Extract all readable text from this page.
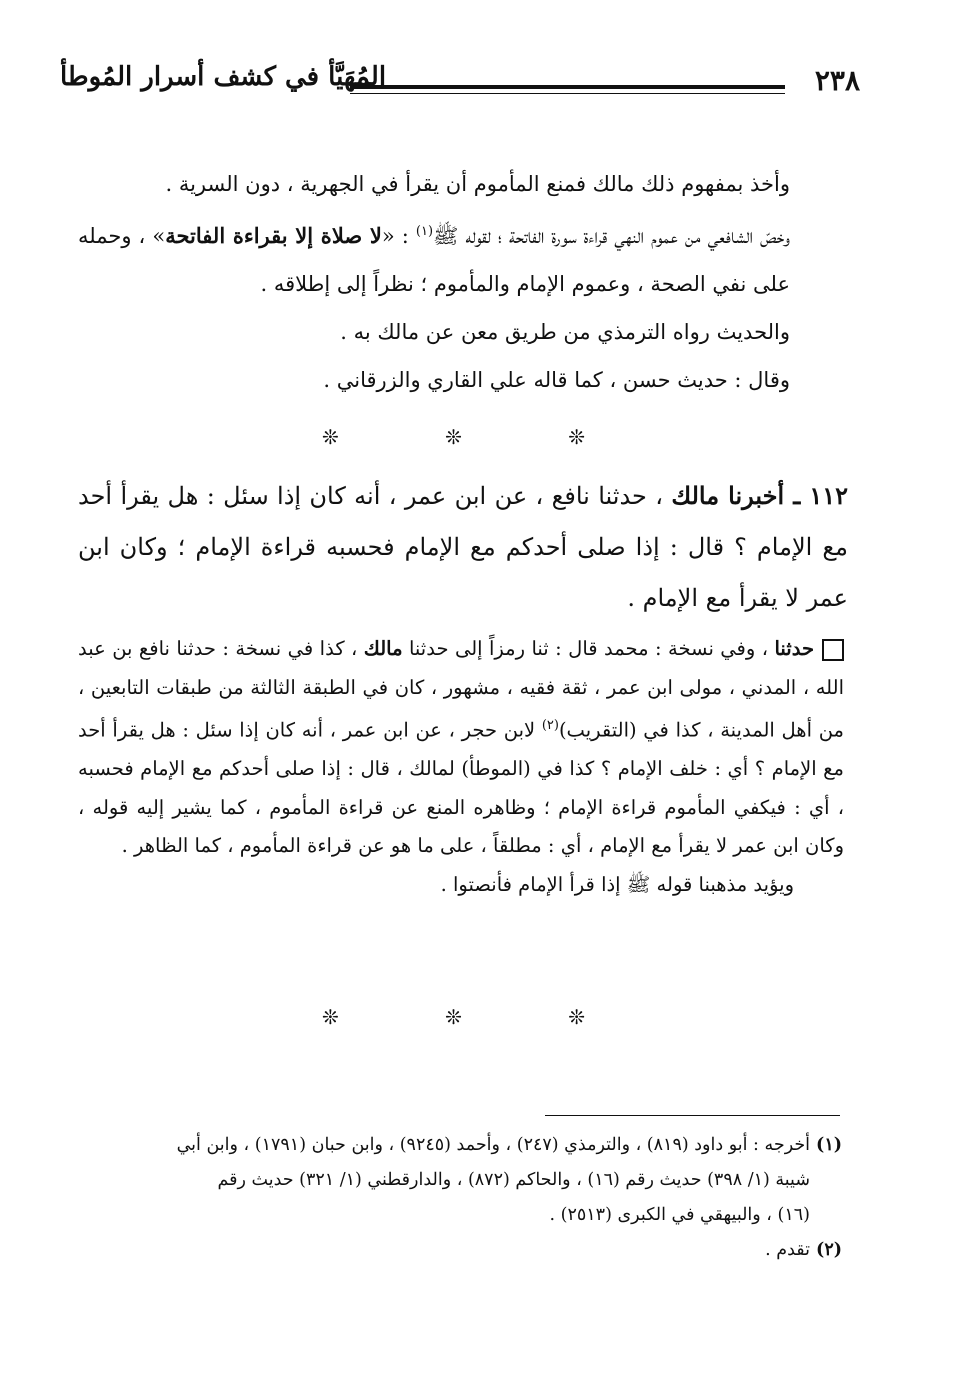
٢٣٨
المُهَيَّأ في كشف أسرار المُوطأ

وأخذ بمفهوم ذلك مالك فمنع المأموم أن يقرأ في الجهرية ، دون السرية .

وخصّ الشافعي من عموم النهي قراءة سورة الفاتحة ؛ لقوله ﷺ$^{(١)}$ : «لا صلاة إلا بقراءة الفاتحة» ، وحمله على نفي الصحة ، وعموم الإمام والمأموم ؛ نظراً إلى إطلاقه .

والحديث رواه الترمذي من طريق معن عن مالك به .

وقال : حديث حسن ، كما قاله علي القاري والزرقاني .

❊ ❊ ❊

١١٢ ـ أخبرنا مالك ، حدثنا نافع ، عن ابن عمر ، أنه كان إذا سئل : هل يقرأ أحد مع الإمام ؟ قال : إذا صلى أحدكم مع الإمام فحسبه قراءة الإمام ؛ وكان ابن عمر لا يقرأ مع الإمام .

حدثنا ، وفي نسخة : محمد قال : ثنا رمزاً إلى حدثنا مالك ، كذا في نسخة : حدثنا نافع بن عبد الله ، المدني ، مولى ابن عمر ، ثقة فقيه ، مشهور ، كان في الطبقة الثالثة من طبقات التابعين ، من أهل المدينة ، كذا في (التقريب)$^{(٢)}$ لابن حجر ، عن ابن عمر ، أنه كان إذا سئل : هل يقرأ أحد مع الإمام ؟ أي : خلف الإمام ؟ كذا في (الموطأ) لمالك ، قال : إذا صلى أحدكم مع الإمام فحسبه ، أي : فيكفي المأموم قراءة الإمام ؛ وظاهره المنع عن قراءة المأموم ، كما يشير إليه قوله ، وكان ابن عمر لا يقرأ مع الإمام ، أي : مطلقاً ، على ما هو عن قراءة المأموم ، كما الظاهر .

ويؤيد مذهبنا قوله ﷺ إذا قرأ الإمام فأنصتوا .

❊ ❊ ❊

(١)أخرجه : أبو داود (٨١٩) ، والترمذي (٢٤٧) ، وأحمد (٩٢٤٥) ، وابن حبان (١٧٩١) ، وابن أبي

شيبة (١/ ٣٩٨) حديث رقم (١٦) ، والحاكم (٨٧٢) ، والدارقطني (١/ ٣٢١) حديث رقم

(١٦) ، والبيهقي في الكبرى (٢٥١٣) .

(٢)تقدم .
